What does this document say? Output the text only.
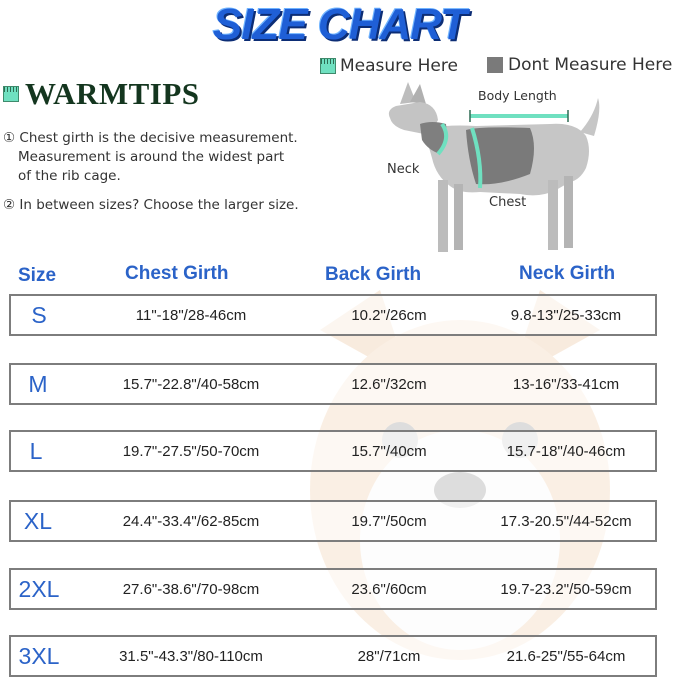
SIZE CHART
Measure Here	Dont Measure Here
WARMTIPS
① Chest girth is the decisive measurement.
Measurement is around the widest part
of the rib cage.
② In between sizes? Choose the larger size.
Body Length
Neck
Chest
Size	Chest Girth	Back Girth	Neck Girth
S	11"-18"/28-46cm	10.2"/26cm	9.8-13"/25-33cm
M	15.7"-22.8"/40-58cm	12.6"/32cm	13-16"/33-41cm
L	19.7"-27.5"/50-70cm	15.7"/40cm	15.7-18"/40-46cm
XL	24.4"-33.4"/62-85cm	19.7"/50cm	17.3-20.5"/44-52cm
2XL	27.6"-38.6"/70-98cm	23.6"/60cm	19.7-23.2"/50-59cm
3XL	31.5"-43.3"/80-110cm	28"/71cm	21.6-25"/55-64cm
